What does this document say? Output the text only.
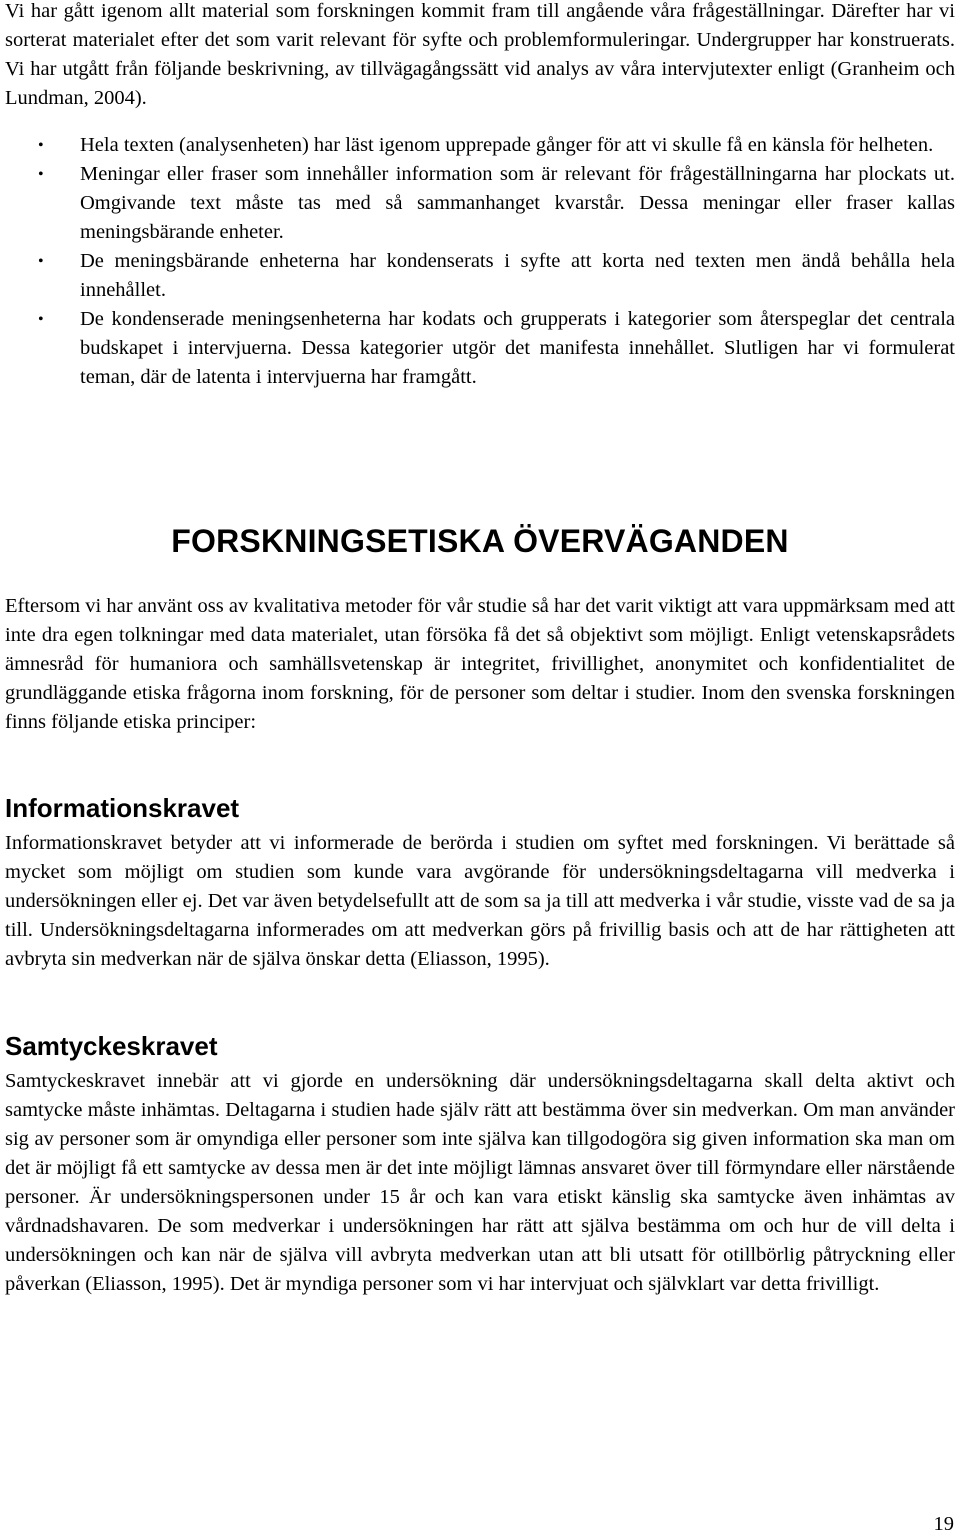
Vi har gått igenom allt material som forskningen kommit fram till angående våra frågeställningar. Därefter har vi sorterat materialet efter det som varit relevant för syfte och problemformuleringar. Undergrupper har konstruerats. Vi har utgått från följande beskrivning, av tillvägagångssätt vid analys av våra intervjutexter enligt (Granheim och Lundman, 2004).

• Hela texten (analysenheten) har läst igenom upprepade gånger för att vi skulle få en känsla för helheten.
• Meningar eller fraser som innehåller information som är relevant för frågeställningarna har plockats ut. Omgivande text måste tas med så sammanhanget kvarstår. Dessa meningar eller fraser kallas meningsbärande enheter.
• De meningsbärande enheterna har kondenserats i syfte att korta ned texten men ändå behålla hela innehållet.
• De kondenserade meningsenheterna har kodats och grupperats i kategorier som återspeglar det centrala budskapet i intervjuerna. Dessa kategorier utgör det manifesta innehållet. Slutligen har vi formulerat teman, där de latenta i intervjuerna har framgått.
FORSKNINGSETISKA ÖVERVÄGANDEN

Eftersom vi har använt oss av kvalitativa metoder för vår studie så har det varit viktigt att vara uppmärksam med att inte dra egen tolkningar med data materialet, utan försöka få det så objektivt som möjligt. Enligt vetenskapsrådets ämnesråd för humaniora och samhällsvetenskap är integritet, frivillighet, anonymitet och konfidentialitet de grundläggande etiska frågorna inom forskning, för de personer som deltar i studier. Inom den svenska forskningen finns följande etiska principer:

Informationskravet

Informationskravet betyder att vi informerade de berörda i studien om syftet med forskningen. Vi berättade så mycket som möjligt om studien som kunde vara avgörande för undersökningsdeltagarna vill medverka i undersökningen eller ej. Det var även betydelsefullt att de som sa ja till att medverka i vår studie, visste vad de sa ja till. Undersökningsdeltagarna informerades om att medverkan görs på frivillig basis och att de har rättigheten att avbryta sin medverkan när de själva önskar detta (Eliasson, 1995).

Samtyckeskravet

Samtyckeskravet innebär att vi gjorde en undersökning där undersökningsdeltagarna skall delta aktivt och samtycke måste inhämtas. Deltagarna i studien hade själv rätt att bestämma över sin medverkan. Om man använder sig av personer som är omyndiga eller personer som inte själva kan tillgodogöra sig given information ska man om det är möjligt få ett samtycke av dessa men är det inte möjligt lämnas ansvaret över till förmyndare eller närstående personer. Är undersökningspersonen under 15 år och kan vara etiskt känslig ska samtycke även inhämtas av vårdnadshavaren. De som medverkar i undersökningen har rätt att själva bestämma om och hur de vill delta i undersökningen och kan när de själva vill avbryta medverkan utan att bli utsatt för otillbörlig påtryckning eller påverkan (Eliasson, 1995). Det är myndiga personer som vi har intervjuat och självklart var detta frivilligt.

19
